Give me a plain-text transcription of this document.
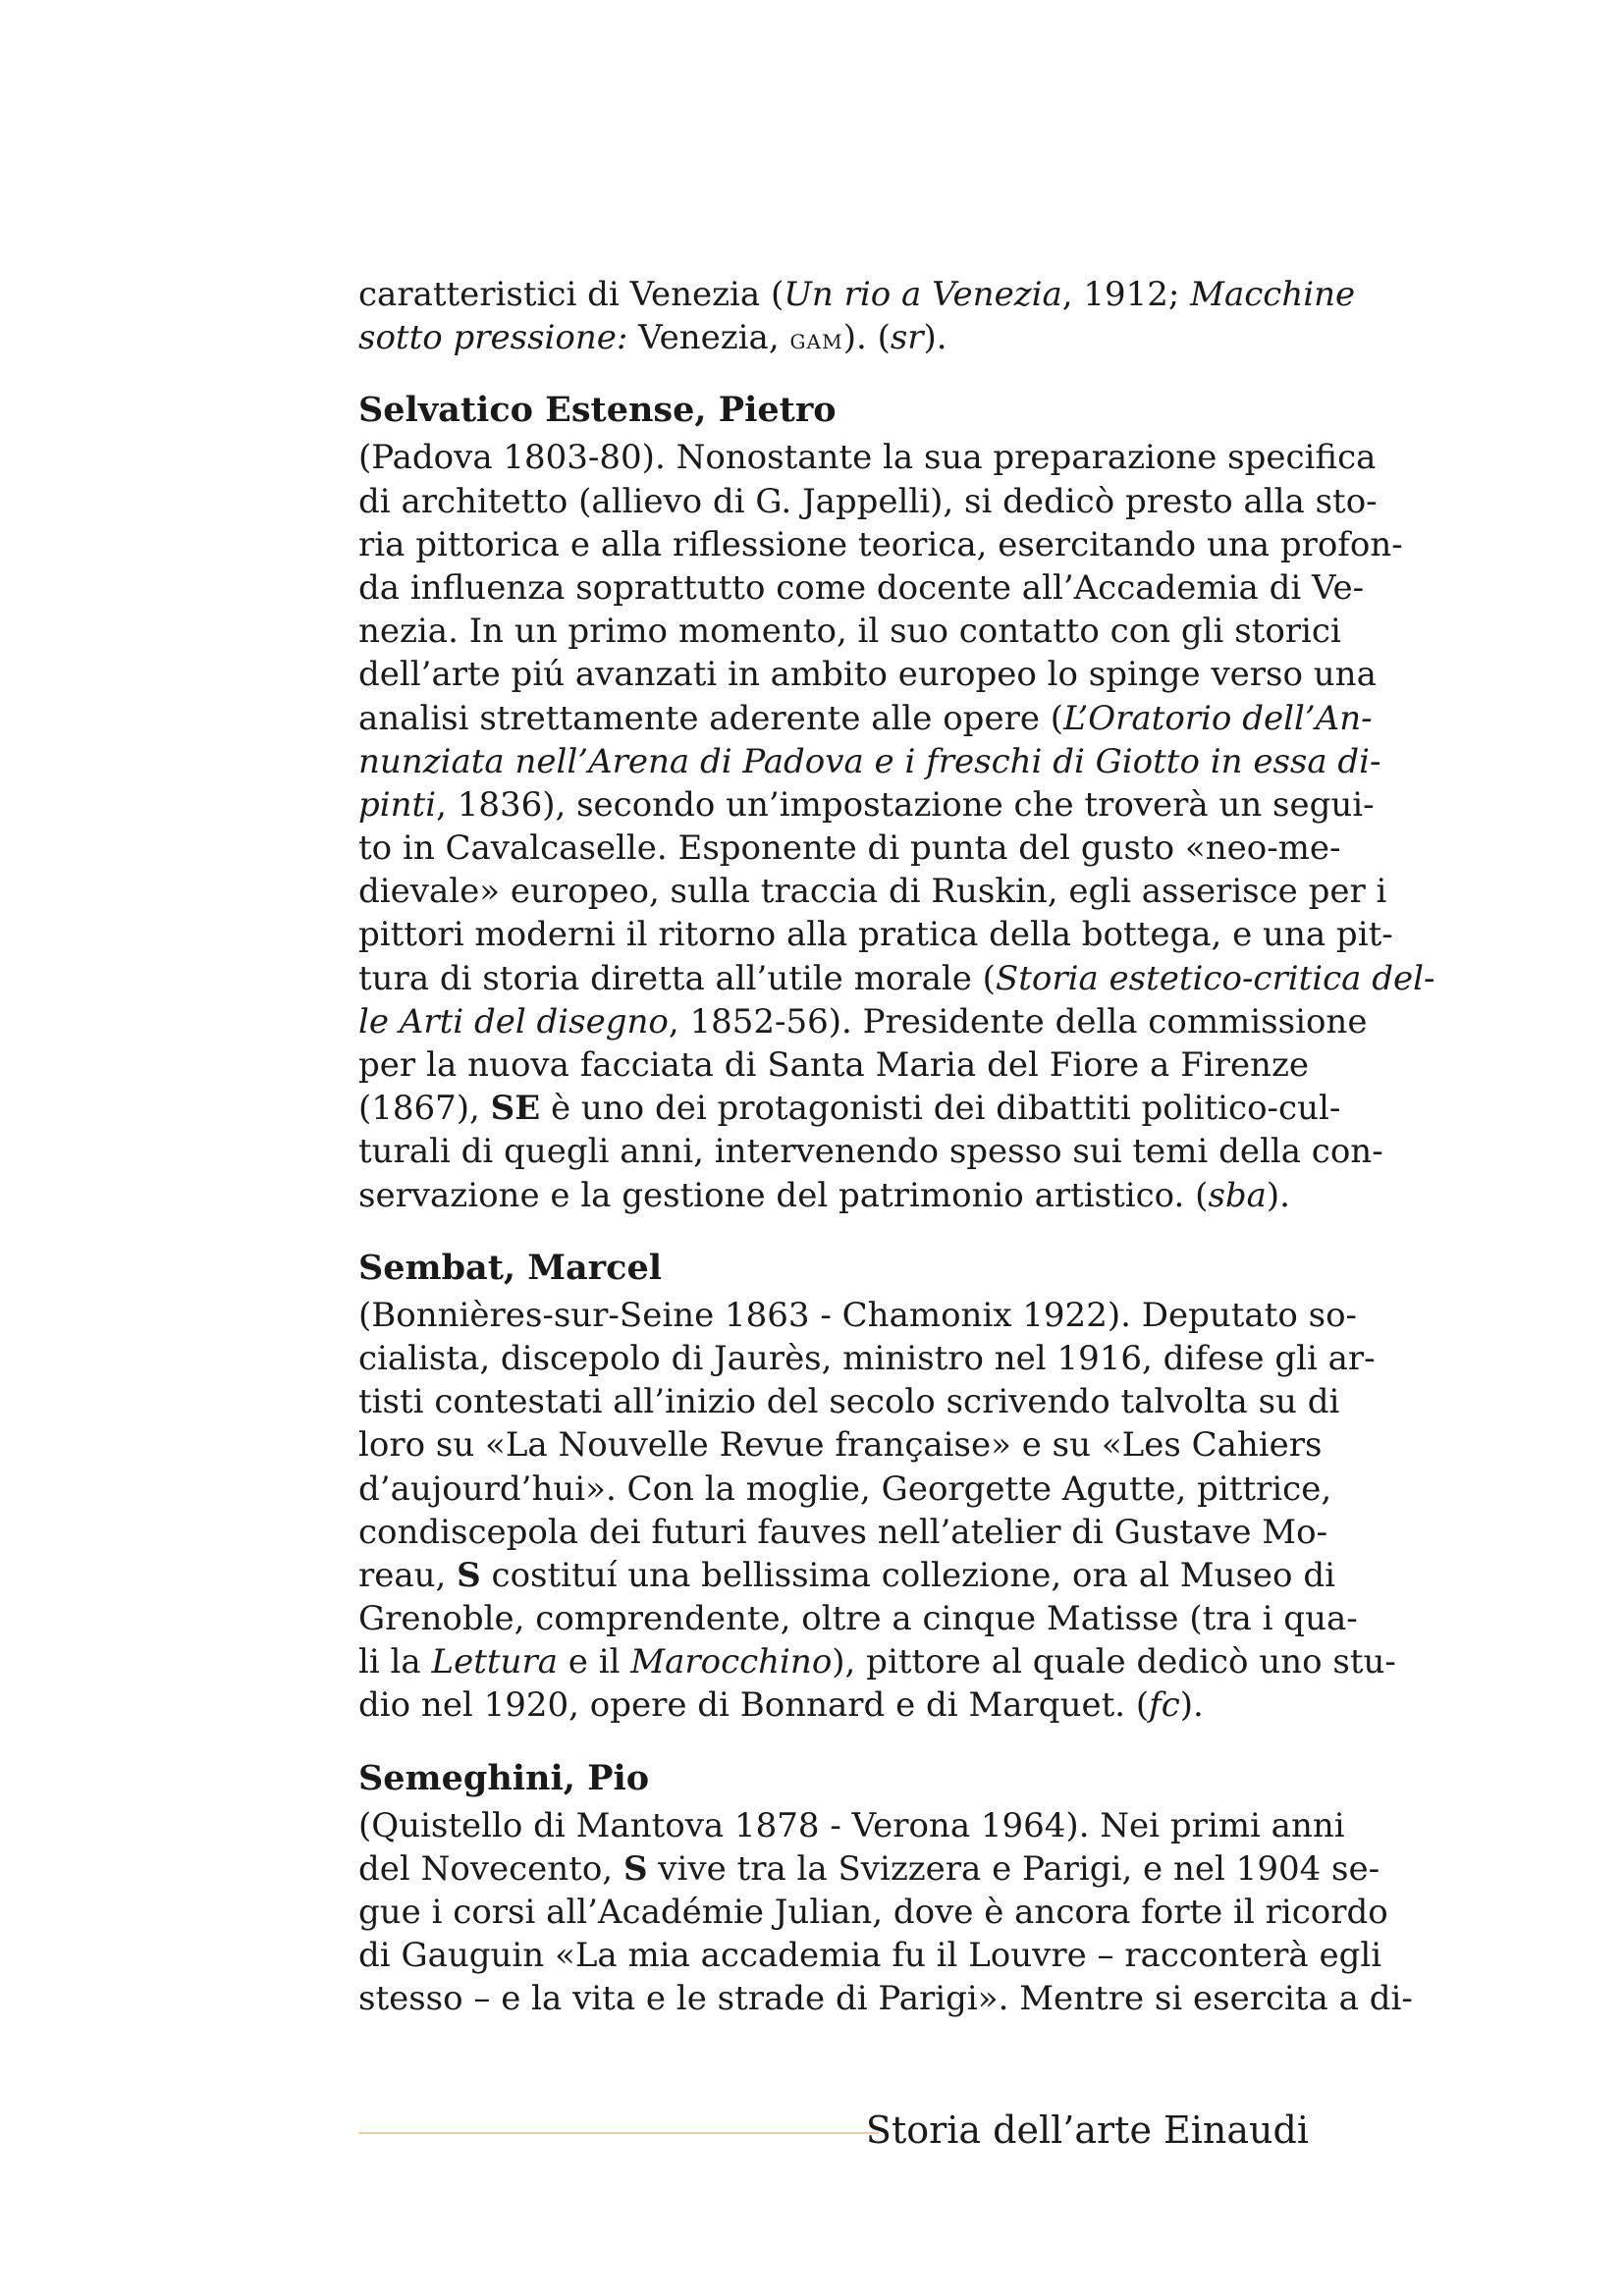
caratteristici di Venezia (Un rio a Venezia, 1912; Macchine
sotto pressione: Venezia, gam). (sr).
Selvatico Estense, Pietro
(Padova 1803-80). Nonostante la sua preparazione specifica
di architetto (allievo di G. Jappelli), si dedicò presto alla sto-
ria pittorica e alla riflessione teorica, esercitando una profon-
da influenza soprattutto come docente all’Accademia di Ve-
nezia. In un primo momento, il suo contatto con gli storici
dell’arte piú avanzati in ambito europeo lo spinge verso una
analisi strettamente aderente alle opere (L’Oratorio dell’An-
nunziata nell’Arena di Padova e i freschi di Giotto in essa di-
pinti, 1836), secondo un’impostazione che troverà un segui-
to in Cavalcaselle. Esponente di punta del gusto «neo-me-
dievale» europeo, sulla traccia di Ruskin, egli asserisce per i
pittori moderni il ritorno alla pratica della bottega, e una pit-
tura di storia diretta all’utile morale (Storia estetico-critica del-
le Arti del disegno, 1852-56). Presidente della commissione
per la nuova facciata di Santa Maria del Fiore a Firenze
(1867), SE è uno dei protagonisti dei dibattiti politico-cul-
turali di quegli anni, intervenendo spesso sui temi della con-
servazione e la gestione del patrimonio artistico. (sba).
Sembat, Marcel
(Bonnières-sur-Seine 1863 - Chamonix 1922). Deputato so-
cialista, discepolo di Jaurès, ministro nel 1916, difese gli ar-
tisti contestati all’inizio del secolo scrivendo talvolta su di
loro su «La Nouvelle Revue française» e su «Les Cahiers
d’aujourd’hui». Con la moglie, Georgette Agutte, pittrice,
condiscepola dei futuri fauves nell’atelier di Gustave Mo-
reau, S costituí una bellissima collezione, ora al Museo di
Grenoble, comprendente, oltre a cinque Matisse (tra i qua-
li la Lettura e il Marocchino), pittore al quale dedicò uno stu-
dio nel 1920, opere di Bonnard e di Marquet. (fc).
Semeghini, Pio
(Quistello di Mantova 1878 - Verona 1964). Nei primi anni
del Novecento, S vive tra la Svizzera e Parigi, e nel 1904 se-
gue i corsi all’Académie Julian, dove è ancora forte il ricordo
di Gauguin «La mia accademia fu il Louvre – racconterà egli
stesso – e la vita e le strade di Parigi». Mentre si esercita a di-
Storia dell’arte Einaudi
